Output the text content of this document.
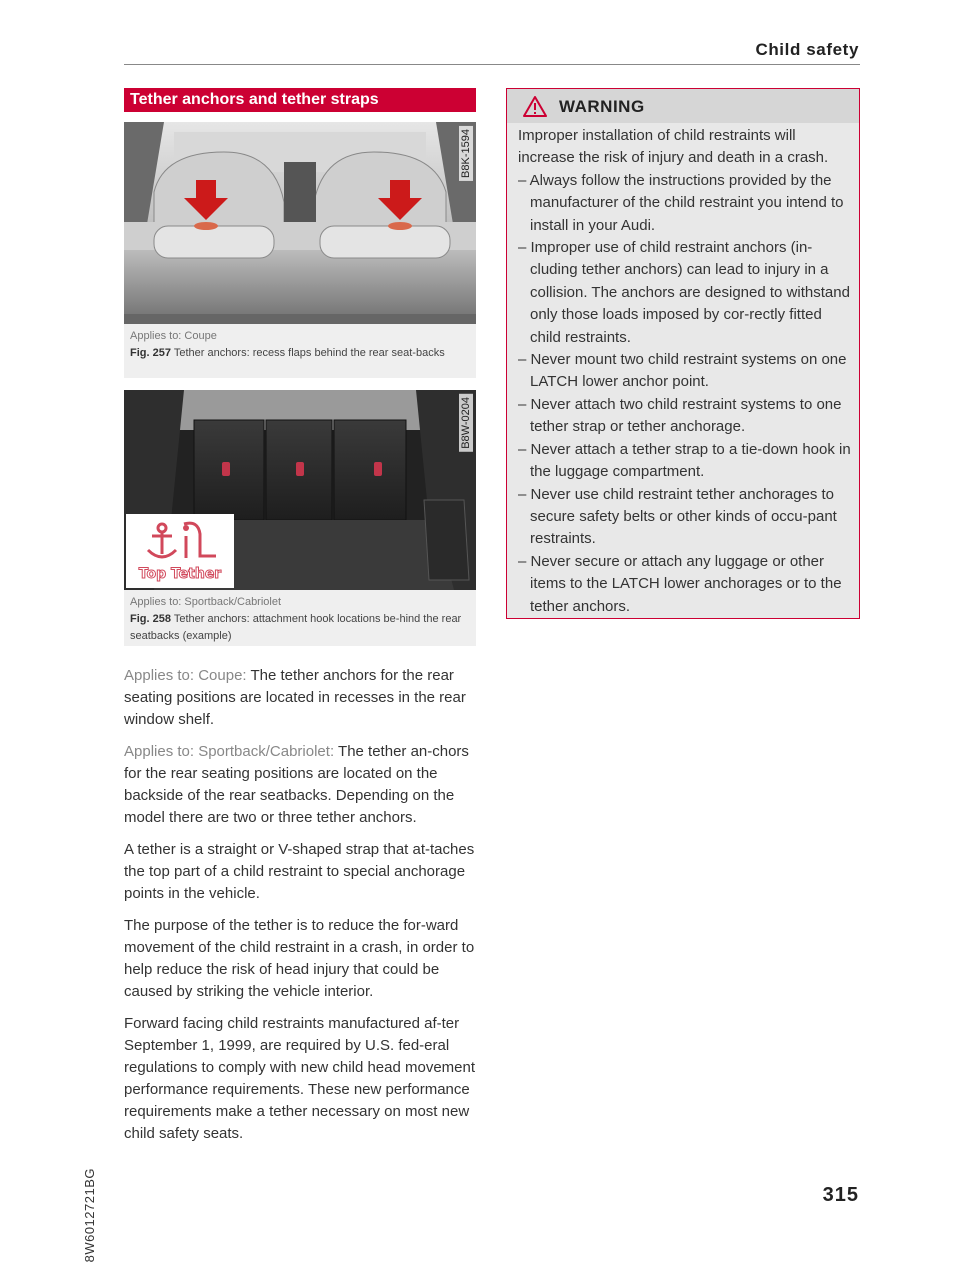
Child safety
Tether anchors and tether straps
B8K-1594
Applies to: Coupe
Fig. 257 Tether anchors: recess flaps behind the rear seat-backs
Top Tether
B8W-0204
Applies to: Sportback/Cabriolet
Fig. 258 Tether anchors: attachment hook locations be-hind the rear seatbacks (example)

Applies to: Coupe: The tether anchors for the rear seating positions are located in recesses in the rear window shelf.

Applies to: Sportback/Cabriolet: The tether an-chors for the rear seating positions are located on the backside of the rear seatbacks. Depending on the model there are two or three tether anchors.

A tether is a straight or V-shaped strap that at-taches the top part of a child restraint to special anchorage points in the vehicle.

The purpose of the tether is to reduce the for-ward movement of the child restraint in a crash, in order to help reduce the risk of head injury that could be caused by striking the vehicle interior.

Forward facing child restraints manufactured af-ter September 1, 1999, are required by U.S. fed-eral regulations to comply with new child head movement performance requirements. These new performance requirements make a tether necessary on most new child safety seats.

WARNING

Improper installation of child restraints will increase the risk of injury and death in a crash.

– Always follow the instructions provided by the manufacturer of the child restraint you intend to install in your Audi.
– Improper use of child restraint anchors (in-cluding tether anchors) can lead to injury in a collision. The anchors are designed to withstand only those loads imposed by cor-rectly fitted child restraints.
– Never mount two child restraint systems on one LATCH lower anchor point.
– Never attach two child restraint systems to one tether strap or tether anchorage.
– Never attach a tether strap to a tie-down hook in the luggage compartment.
– Never use child restraint tether anchorages to secure safety belts or other kinds of occu-pant restraints.
– Never secure or attach any luggage or other items to the LATCH lower anchorages or to the tether anchors.
8W6012721BG	315
